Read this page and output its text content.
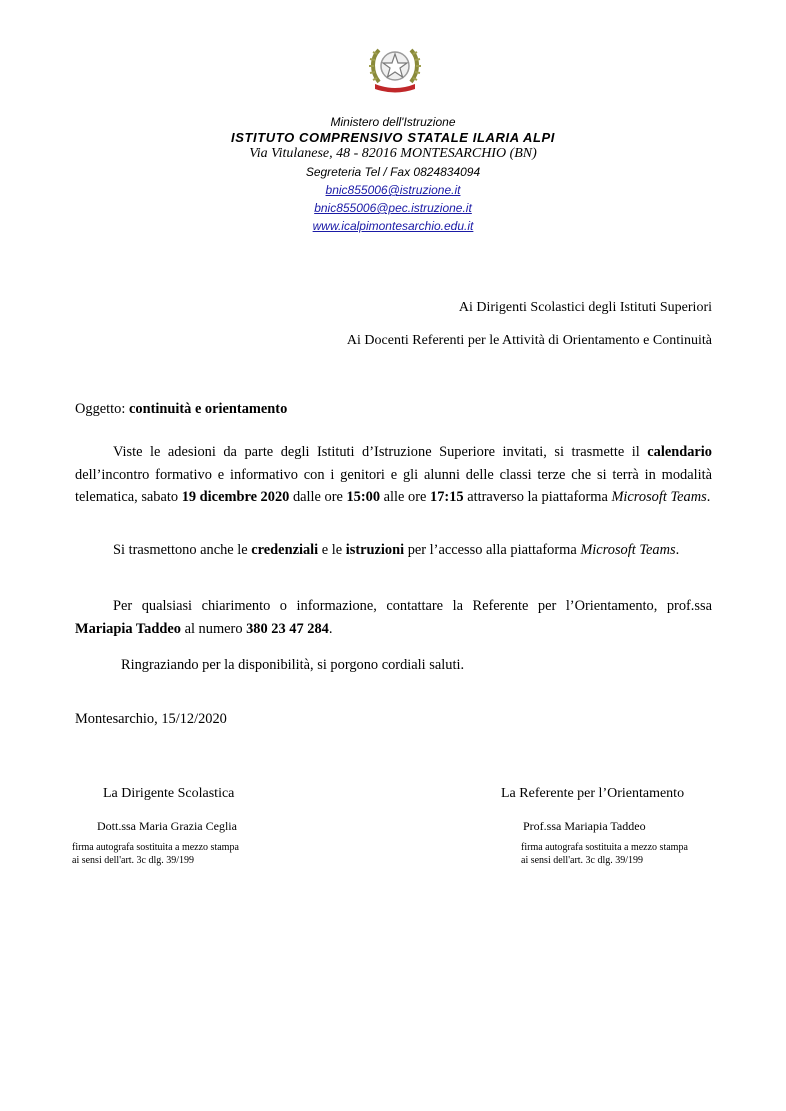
Ministero dell'Istruzione
ISTITUTO COMPRENSIVO STATALE ILARIA ALPI
Via Vitulanese, 48 - 82016 MONTESARCHIO (BN)
Segreteria Tel / Fax 0824834094
bnic855006@istruzione.it
bnic855006@pec.istruzione.it
www.icalpimontesarchio.edu.it
Ai Dirigenti Scolastici degli Istituti Superiori
Ai Docenti Referenti per le Attività di Orientamento e Continuità
Oggetto: continuità e orientamento
Viste le adesioni da parte degli Istituti d’Istruzione Superiore invitati, si trasmette il calendario dell’incontro formativo e informativo con i genitori e gli alunni delle classi terze che si terrà in modalità telematica, sabato 19 dicembre 2020 dalle ore 15:00 alle ore 17:15 attraverso la piattaforma Microsoft Teams.
Si trasmettono anche le credenziali e le istruzioni per l’accesso alla piattaforma Microsoft Teams.
Per qualsiasi chiarimento o informazione, contattare la Referente per l’Orientamento, prof.ssa Mariapia Taddeo al numero 380 23 47 284.
Ringraziando per la disponibilità, si porgono cordiali saluti.
Montesarchio, 15/12/2020
La Dirigente Scolastica
Dott.ssa Maria Grazia Ceglia
firma autografa sostituita a mezzo stampa
ai sensi dell'art. 3c dlg. 39/199
La Referente per l’Orientamento
Prof.ssa Mariapia Taddeo
firma autografa sostituita a mezzo stampa
ai sensi dell'art. 3c dlg. 39/199
